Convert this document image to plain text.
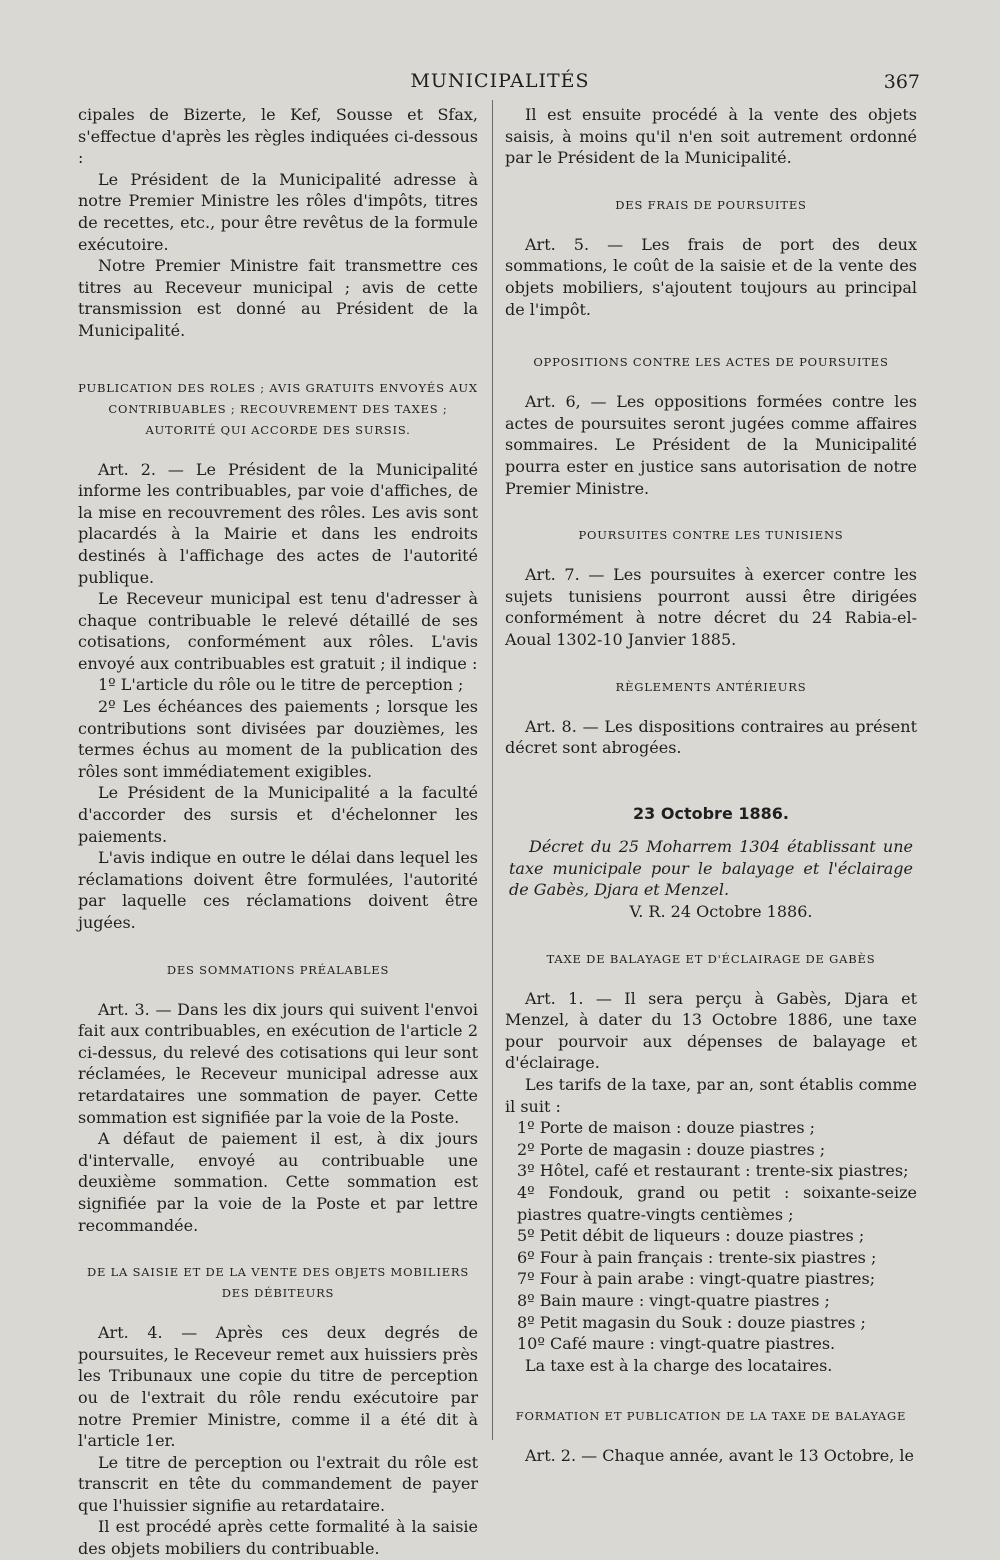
MUNICIPALITÉS	367

cipales de Bizerte, le Kef, Sousse et Sfax, s'effectue d'après les règles indiquées ci-dessous :

Le Président de la Municipalité adresse à notre Premier Ministre les rôles d'impôts, titres de recettes, etc., pour être revêtus de la formule exécutoire.

Notre Premier Ministre fait transmettre ces titres au Receveur municipal ; avis de cette transmission est donné au Président de la Municipalité.

PUBLICATION DES ROLES ; AVIS GRATUITS ENVOYÉS AUX CONTRIBUABLES ; RECOUVREMENT DES TAXES ; AUTORITÉ QUI ACCORDE DES SURSIS.

Art. 2. — Le Président de la Municipalité informe les contribuables, par voie d'affiches, de la mise en recouvrement des rôles. Les avis sont placardés à la Mairie et dans les endroits destinés à l'affichage des actes de l'autorité publique.

Le Receveur municipal est tenu d'adresser à chaque contribuable le relevé détaillé de ses cotisations, conformément aux rôles. L'avis envoyé aux contribuables est gratuit ; il indique :

1º L'article du rôle ou le titre de perception ;

2º Les échéances des paiements ; lorsque les contributions sont divisées par douzièmes, les termes échus au moment de la publication des rôles sont immédiatement exigibles.

Le Président de la Municipalité a la faculté d'accorder des sursis et d'échelonner les paiements.

L'avis indique en outre le délai dans lequel les réclamations doivent être formulées, l'autorité par laquelle ces réclamations doivent être jugées.

DES SOMMATIONS PRÉALABLES

Art. 3. — Dans les dix jours qui suivent l'envoi fait aux contribuables, en exécution de l'article 2 ci-dessus, du relevé des cotisations qui leur sont réclamées, le Receveur municipal adresse aux retardataires une sommation de payer. Cette sommation est signifiée par la voie de la Poste.

A défaut de paiement il est, à dix jours d'intervalle, envoyé au contribuable une deuxième sommation. Cette sommation est signifiée par la voie de la Poste et par lettre recommandée.

DE LA SAISIE ET DE LA VENTE DES OBJETS MOBILIERS DES DÉBITEURS

Art. 4. — Après ces deux degrés de poursuites, le Receveur remet aux huissiers près les Tribunaux une copie du titre de perception ou de l'extrait du rôle rendu exécutoire par notre Premier Ministre, comme il a été dit à l'article 1er.

Le titre de perception ou l'extrait du rôle est transcrit en tête du commandement de payer que l'huissier signifie au retardataire.

Il est procédé après cette formalité à la saisie des objets mobiliers du contribuable.

Il est ensuite procédé à la vente des objets saisis, à moins qu'il n'en soit autrement ordonné par le Président de la Municipalité.

DES FRAIS DE POURSUITES

Art. 5. — Les frais de port des deux sommations, le coût de la saisie et de la vente des objets mobiliers, s'ajoutent toujours au principal de l'impôt.

OPPOSITIONS CONTRE LES ACTES DE POURSUITES

Art. 6, — Les oppositions formées contre les actes de poursuites seront jugées comme affaires sommaires. Le Président de la Municipalité pourra ester en justice sans autorisation de notre Premier Ministre.

POURSUITES CONTRE LES TUNISIENS

Art. 7. — Les poursuites à exercer contre les sujets tunisiens pourront aussi être dirigées conformément à notre décret du 24 Rabia-el-Aoual 1302-10 Janvier 1885.

RÈGLEMENTS ANTÉRIEURS

Art. 8. — Les dispositions contraires au présent décret sont abrogées.

23 Octobre 1886.

Décret du 25 Moharrem 1304 établissant une taxe municipale pour le balayage et l'éclairage de Gabès, Djara et Menzel.

V. R. 24 Octobre 1886.

TAXE DE BALAYAGE ET D'ÉCLAIRAGE DE GABÈS

Art. 1. — Il sera perçu à Gabès, Djara et Menzel, à dater du 13 Octobre 1886, une taxe pour pourvoir aux dépenses de balayage et d'éclairage.

Les tarifs de la taxe, par an, sont établis comme il suit :

1º Porte de maison : douze piastres ;

2º Porte de magasin : douze piastres ;

3º Hôtel, café et restaurant : trente-six piastres;

4º Fondouk, grand ou petit : soixante-seize piastres quatre-vingts centièmes ;

5º Petit débit de liqueurs : douze piastres ;

6º Four à pain français : trente-six piastres ;

7º Four à pain arabe : vingt-quatre piastres;

8º Bain maure : vingt-quatre piastres ;

8º Petit magasin du Souk : douze piastres ;

10º Café maure : vingt-quatre piastres.

La taxe est à la charge des locataires.

FORMATION ET PUBLICATION DE LA TAXE DE BALAYAGE

Art. 2. — Chaque année, avant le 13 Octobre, le
